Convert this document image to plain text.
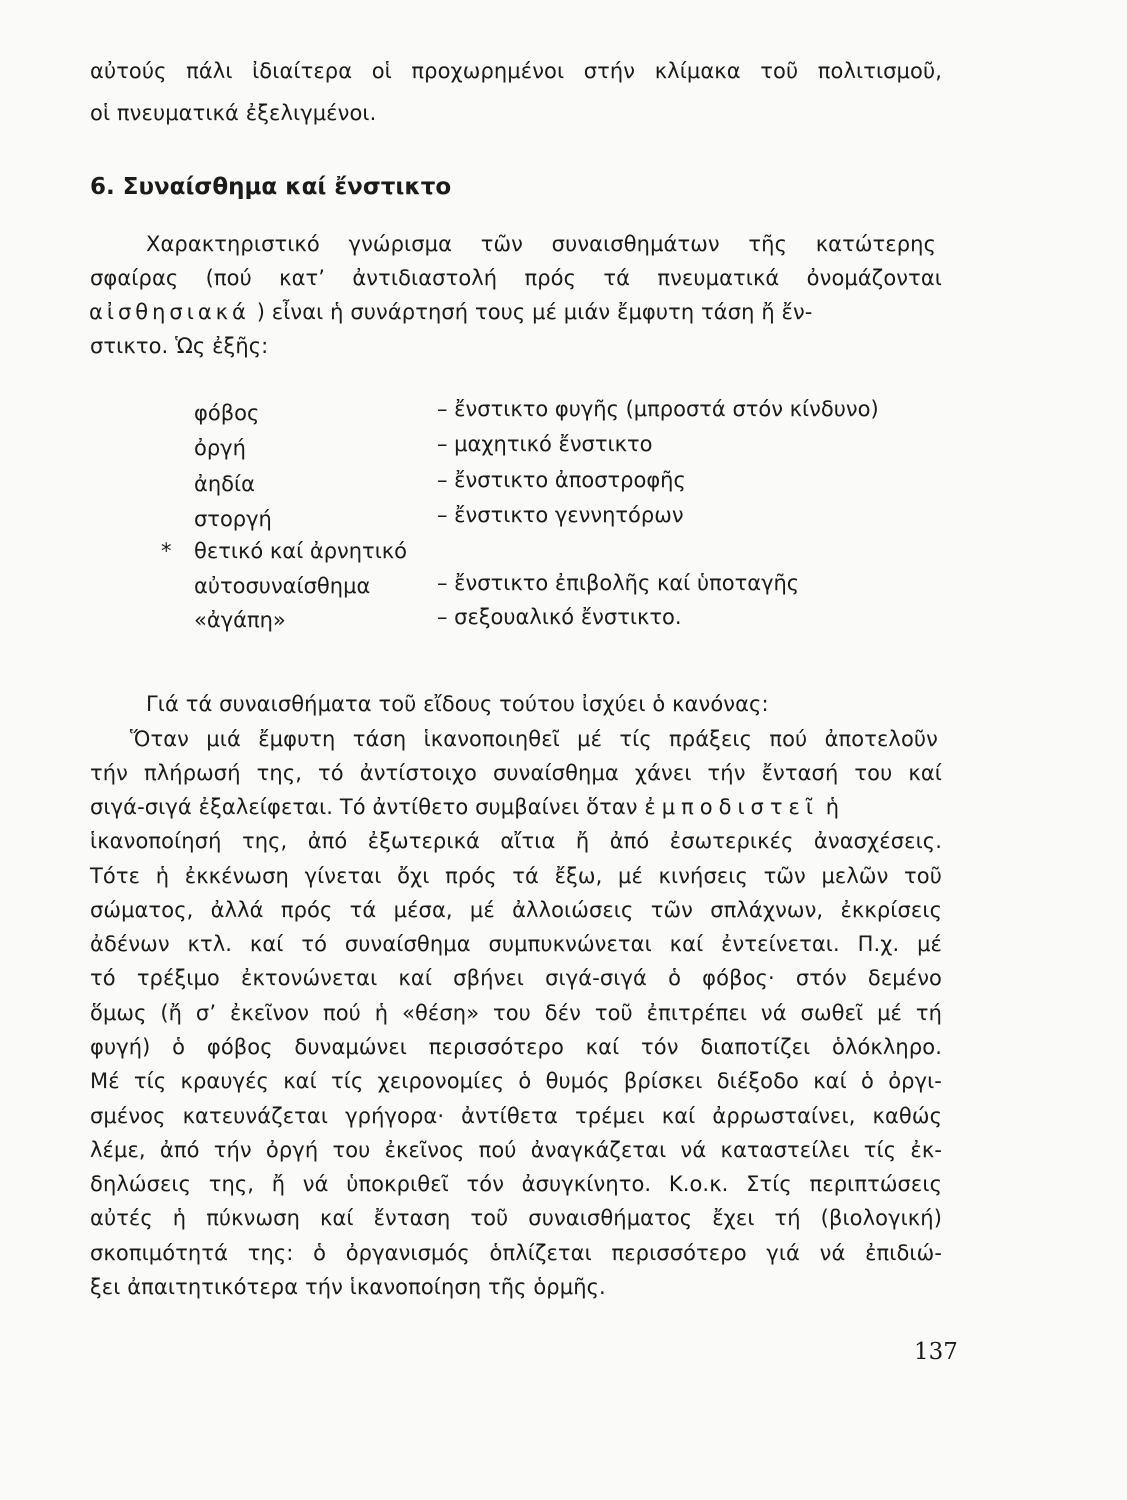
αὐτούς πάλι ἰδιαίτερα οἱ προχωρημένοι στήν κλίμακα τοῦ πολιτισμοῦ,
οἱ πνευματικά ἐξελιγμένοι.
6. Συναίσθημα καί ἔνστικτο
Χαρακτηριστικό γνώρισμα τῶν συναισθημάτων τῆς κατώτερης
σφαίρας (πού κατ’ ἀντιδιαστολή πρός τά πνευματικά ὀνομάζονται
αἰσθησιακά ) εἶναι ἡ συνάρτησή τους μέ μιάν ἔμφυτη τάση ἤ ἔν-
στικτο. Ὡς ἐξῆς:
φόβος	– ἔνστικτο φυγῆς (μπροστά στόν κίνδυνο)
ὀργή	– μαχητικό ἔνστικτο
ἀηδία	– ἔνστικτο ἀποστροφῆς
στοργή	– ἔνστικτο γεννητόρων
* θετικό καί ἀρνητικό
αὐτοσυναίσθημα	– ἔνστικτο ἐπιβολῆς καί ὑποταγῆς
«ἀγάπη»	– σεξουαλικό ἔνστικτο.
Γιά τά συναισθήματα τοῦ εἴδους τούτου ἰσχύει ὁ κανόνας:
Ὅταν μιά ἔμφυτη τάση ἱκανοποιηθεῖ μέ τίς πράξεις πού ἀποτελοῦν
τήν πλήρωσή της, τό ἀντίστοιχο συναίσθημα χάνει τήν ἔντασή του καί
σιγά-σιγά ἐξαλείφεται. Τό ἀντίθετο συμβαίνει ὅταν ἐμποδιστεῖ ἡ
ἱκανοποίησή της, ἀπό ἐξωτερικά αἴτια ἤ ἀπό ἐσωτερικές ἀνασχέσεις.
Τότε ἡ ἐκκένωση γίνεται ὄχι πρός τά ἔξω, μέ κινήσεις τῶν μελῶν τοῦ
σώματος, ἀλλά πρός τά μέσα, μέ ἀλλοιώσεις τῶν σπλάχνων, ἐκκρίσεις
ἀδένων κτλ. καί τό συναίσθημα συμπυκνώνεται καί ἐντείνεται. Π.χ. μέ
τό τρέξιμο ἐκτονώνεται καί σβήνει σιγά-σιγά ὁ φόβος· στόν δεμένο
ὅμως (ἤ σ’ ἐκεῖνον πού ἡ «θέση» του δέν τοῦ ἐπιτρέπει νά σωθεῖ μέ τή
φυγή) ὁ φόβος δυναμώνει περισσότερο καί τόν διαποτίζει ὁλόκληρο.
Μέ τίς κραυγές καί τίς χειρονομίες ὁ θυμός βρίσκει διέξοδο καί ὁ ὀργι-
σμένος κατευνάζεται γρήγορα· ἀντίθετα τρέμει καί ἀρρωσταίνει, καθώς
λέμε, ἀπό τήν ὀργή του ἐκεῖνος πού ἀναγκάζεται νά καταστείλει τίς ἐκ-
δηλώσεις της, ἤ νά ὑποκριθεῖ τόν ἀσυγκίνητο. Κ.ο.κ. Στίς περιπτώσεις
αὐτές ἡ πύκνωση καί ἔνταση τοῦ συναισθήματος ἔχει τή (βιολογική)
σκοπιμότητά της: ὁ ὀργανισμός ὁπλίζεται περισσότερο γιά νά ἐπιδιώ-
ξει ἀπαιτητικότερα τήν ἱκανοποίηση τῆς ὁρμῆς.
137
